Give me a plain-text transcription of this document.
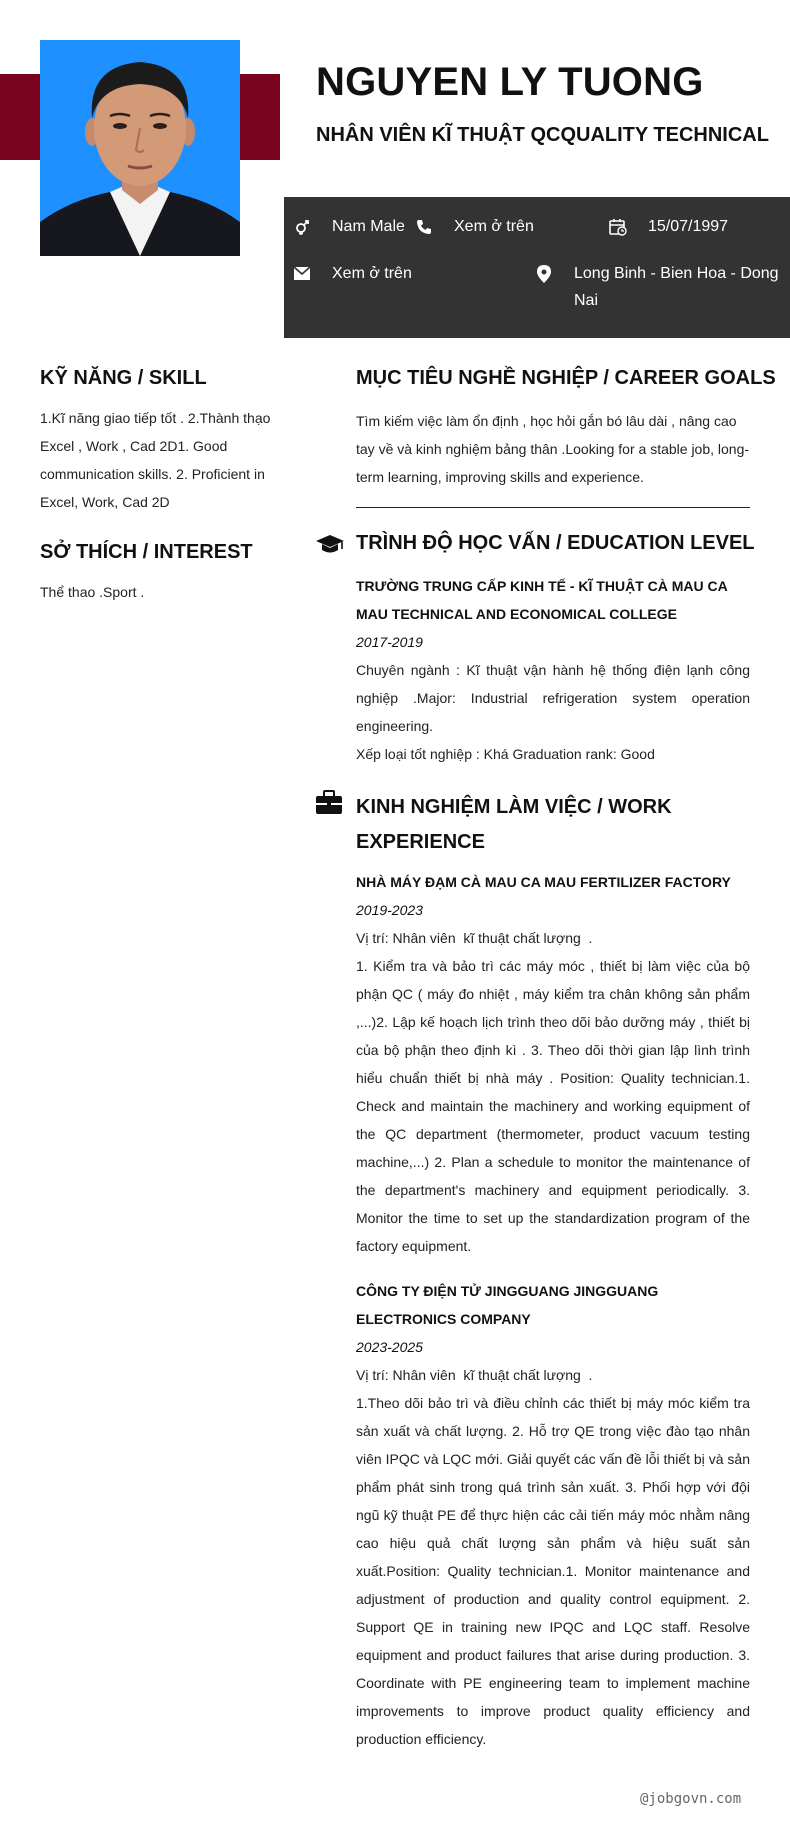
NGUYEN LY TUONG
NHÂN VIÊN KĨ THUẬT QCQUALITY TECHNICAL
Nam Male	Xem ở trên	15/07/1997
Xem ở trên	Long Binh - Bien Hoa - Dong Nai
KỸ NĂNG / SKILL
1.Kĩ năng giao tiếp tốt . 2.Thành thạo Excel , Work , Cad 2D1. Good communication skills. 2. Proficient in Excel, Work, Cad 2D
SỞ THÍCH / INTEREST
Thể thao .Sport .
MỤC TIÊU NGHỀ NGHIỆP / CAREER GOALS
Tìm kiếm việc làm ổn định , học hỏi gắn bó lâu dài , nâng cao tay về và kinh nghiệm bảng thân .Looking for a stable job, long-term learning, improving skills and experience.
TRÌNH ĐỘ HỌC VẤN / EDUCATION LEVEL
TRƯỜNG TRUNG CẤP KINH TẾ - KĨ THUẬT CÀ MAU CA MAU TECHNICAL AND ECONOMICAL COLLEGE
2017-2019
Chuyên ngành : Kĩ thuật vận hành hệ thống điện lạnh công nghiệp .Major: Industrial refrigeration system operation engineering.
Xếp loại tốt nghiệp : Khá Graduation rank: Good
KINH NGHIỆM LÀM VIỆC / WORK EXPERIENCE
NHÀ MÁY ĐẠM CÀ MAU CA MAU FERTILIZER FACTORY
2019-2023
Vị trí: Nhân viên  kĩ thuật chất lượng  .
1. Kiểm tra và bảo trì các máy móc , thiết bị làm việc của bộ phận QC ( máy đo nhiệt , máy kiểm tra chân không sản phẩm ,...)2. Lập kế hoạch lịch trình theo dõi bảo dưỡng máy , thiết bị của bộ phận theo định kì . 3. Theo dõi thời gian lập lình trình hiểu chuẩn thiết bị nhà máy . Position: Quality technician.1. Check and maintain the machinery and working equipment of the QC department (thermometer, product vacuum testing machine,...) 2. Plan a schedule to monitor the maintenance of the department's machinery and equipment periodically. 3. Monitor the time to set up the standardization program of the factory equipment.
CÔNG TY ĐIỆN TỬ JINGGUANG JINGGUANG ELECTRONICS COMPANY
2023-2025
Vị trí: Nhân viên  kĩ thuật chất lượng  .
1.Theo dõi bảo trì và điều chỉnh các thiết bị máy móc kiểm tra sản xuất và chất lượng. 2. Hỗ trợ QE trong việc đào tạo nhân viên IPQC và LQC mới. Giải quyết các vấn đề lỗi thiết bị và sản phẩm phát sinh trong quá trình sản xuất. 3. Phối hợp với đội ngũ kỹ thuật PE để thực hiện các cải tiến máy móc nhằm nâng cao hiệu quả chất lượng sản phẩm và hiệu suất sản xuất.Position: Quality technician.1. Monitor maintenance and adjustment of production and quality control equipment. 2. Support QE in training new IPQC and LQC staff. Resolve equipment and product failures that arise during production. 3. Coordinate with PE engineering team to implement machine improvements to improve product quality efficiency and production efficiency.
@jobgovn.com
